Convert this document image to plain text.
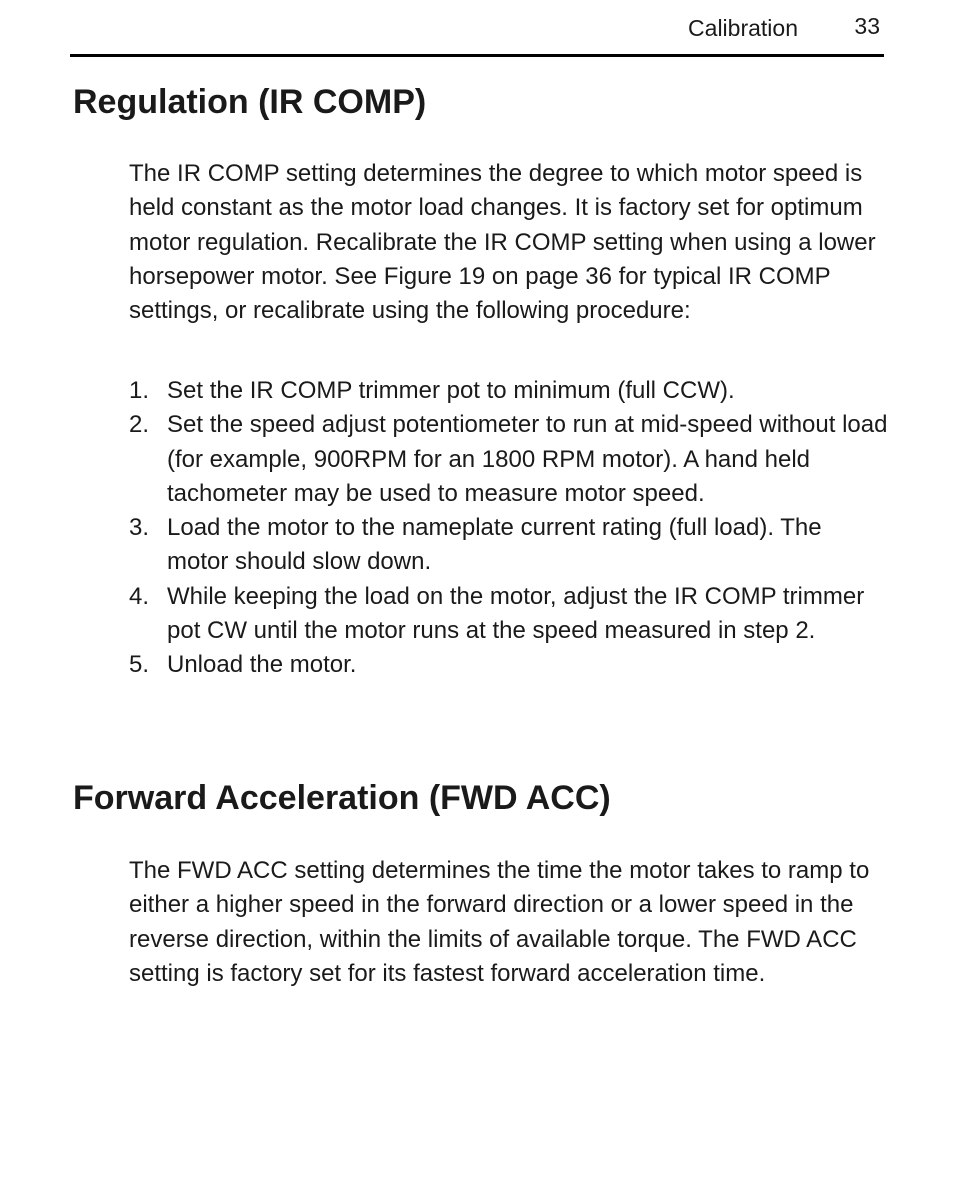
Calibration 33
Regulation (IR COMP)

The IR COMP setting determines the degree to which motor speed is held constant as the motor load changes. It is factory set for optimum motor regulation. Recalibrate the IR COMP setting when using a lower horsepower motor. See Figure 19 on page 36 for typical IR COMP settings, or recalibrate using the following procedure:

1. Set the IR COMP trimmer pot to minimum (full CCW).
2. Set the speed adjust potentiometer to run at mid-speed without load (for example, 900RPM for an 1800 RPM motor). A hand held tachometer may be used to measure motor speed.
3. Load the motor to the nameplate current rating (full load). The motor should slow down.
4. While keeping the load on the motor, adjust the IR COMP trimmer pot CW until the motor runs at the speed measured in step 2.
5. Unload the motor.
Forward Acceleration (FWD ACC)

The FWD ACC setting determines the time the motor takes to ramp to either a higher speed in the forward direction or a lower speed in the reverse direction, within the limits of available torque. The FWD ACC setting is factory set for its fastest forward acceleration time.
